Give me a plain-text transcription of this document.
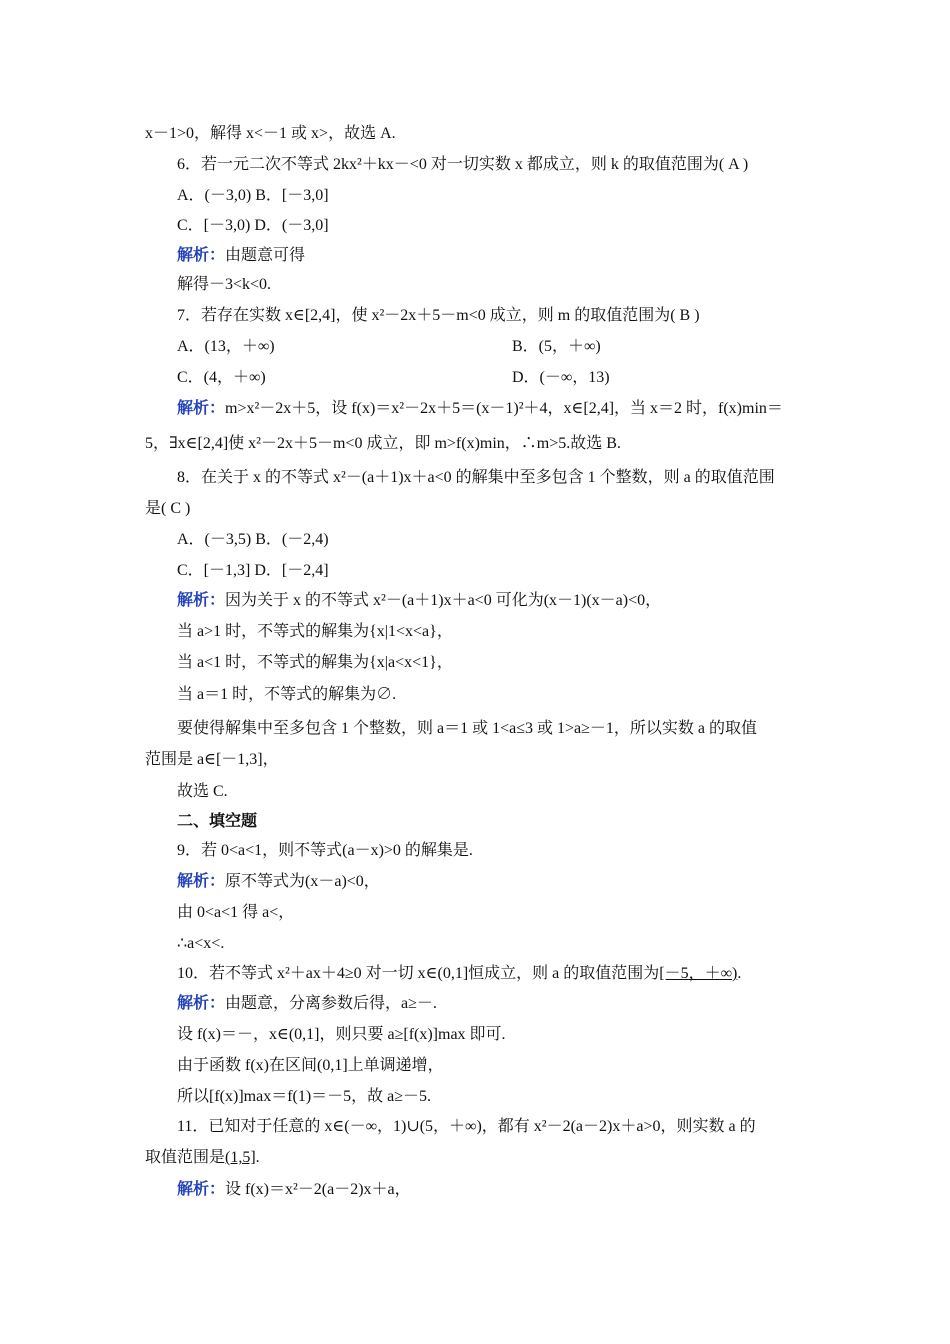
x－1>0，解得 x<－1 或 x>，故选 A.
6．若一元二次不等式 2kx²＋kx－<0 对一切实数 x 都成立，则 k 的取值范围为( A )
A．(－3,0) B．[－3,0]
C．[－3,0) D．(－3,0]
解析：由题意可得
解得－3<k<0.
7．若存在实数 x∈[2,4]，使 x²－2x＋5－m<0 成立，则 m 的取值范围为( B )
A．(13，＋∞)	B．(5，＋∞)
C．(4，＋∞)	D．(－∞，13)
解析：m>x²－2x＋5，设 f(x)＝x²－2x＋5＝(x－1)²＋4，x∈[2,4]，当 x＝2 时，f(x)min＝
5，∃x∈[2,4]使 x²－2x＋5－m<0 成立，即 m>f(x)min，∴m>5.故选 B.
8．在关于 x 的不等式 x²－(a＋1)x＋a<0 的解集中至多包含 1 个整数，则 a 的取值范围
是( C )
A．(－3,5) B．(－2,4)
C．[－1,3] D．[－2,4]
解析：因为关于 x 的不等式 x²－(a＋1)x＋a<0 可化为(x－1)(x－a)<0，
当 a>1 时，不等式的解集为{x|1<x<a}，
当 a<1 时，不等式的解集为{x|a<x<1}，
当 a＝1 时，不等式的解集为∅.
要使得解集中至多包含 1 个整数，则 a＝1 或 1<a≤3 或 1>a≥－1，所以实数 a 的取值
范围是 a∈[－1,3]，
故选 C.
二、填空题
9．若 0<a<1，则不等式(a－x)>0 的解集是.
解析：原不等式为(x－a)<0，
由 0<a<1 得 a<，
∴a<x<.
10．若不等式 x²＋ax＋4≥0 对一切 x∈(0,1]恒成立，则 a 的取值范围为[－5，＋∞).
解析：由题意，分离参数后得，a≥－.
设 f(x)＝－，x∈(0,1]，则只要 a≥[f(x)]max 即可.
由于函数 f(x)在区间(0,1]上单调递增，
所以[f(x)]max＝f(1)＝－5，故 a≥－5.
11．已知对于任意的 x∈(－∞，1)∪(5，＋∞)，都有 x²－2(a－2)x＋a>0，则实数 a 的
取值范围是(1,5].
解析：设 f(x)＝x²－2(a－2)x＋a，
